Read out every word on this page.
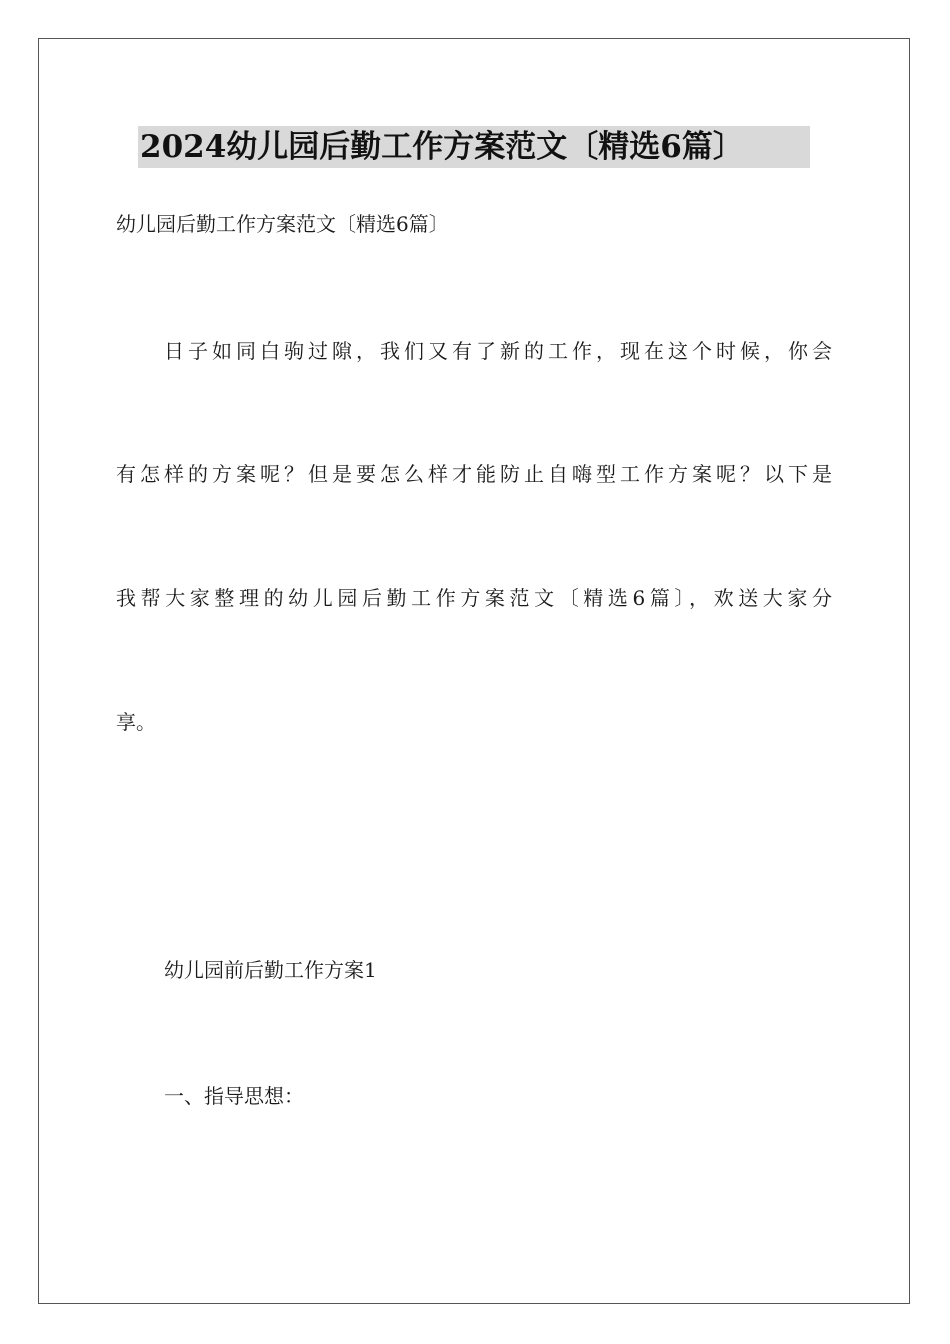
2024幼儿园后勤工作方案范文〔精选6篇〕

幼儿园后勤工作方案范文〔精选6篇〕

日子如同白驹过隙，我们又有了新的工作，现在这个时候，你会

有怎样的方案呢？但是要怎么样才能防止自嗨型工作方案呢？以下是

我帮大家整理的幼儿园后勤工作方案范文〔精选6篇〕，欢送大家分

享。

幼儿园前后勤工作方案1

一、指导思想：
